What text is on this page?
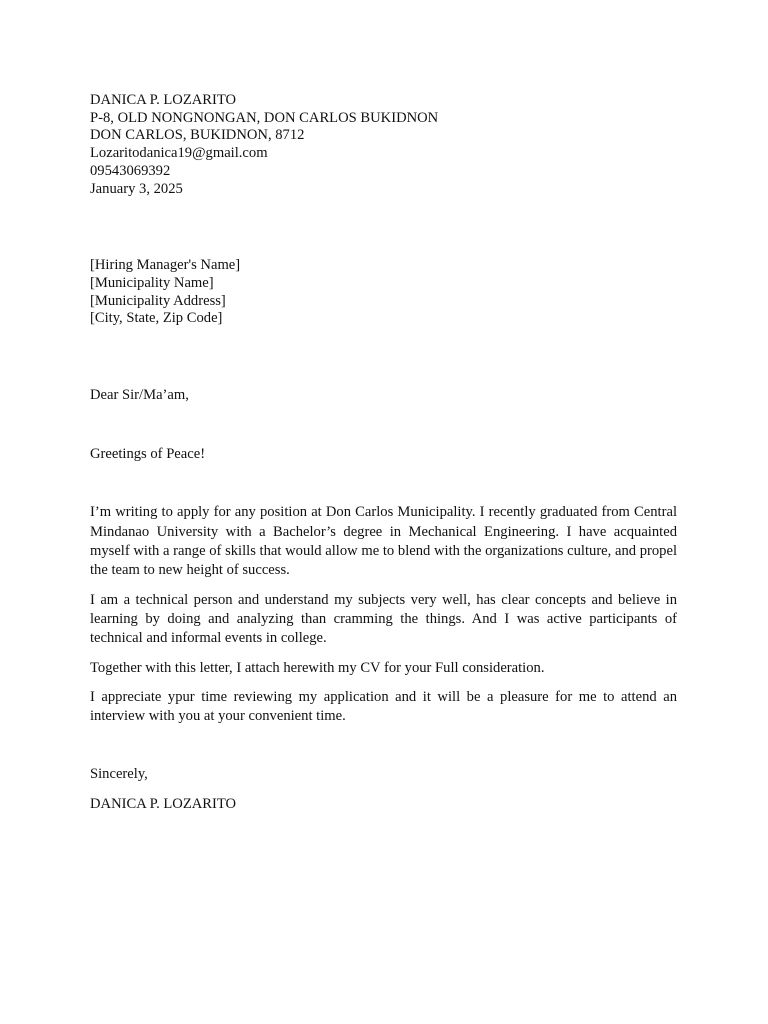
DANICA P. LOZARITO
P-8, OLD NONGNONGAN, DON CARLOS BUKIDNON
DON CARLOS, BUKIDNON, 8712
Lozaritodanica19@gmail.com
09543069392
January 3, 2025
[Hiring Manager's Name]
[Municipality Name]
[Municipality Address]
[City, State, Zip Code]
Dear Sir/Ma’am,
Greetings of Peace!

I’m writing to apply for any position at Don Carlos Municipality. I recently graduated from Central Mindanao University with a Bachelor’s degree in Mechanical Engineering. I have acquainted myself with a range of skills that would allow me to blend with the organizations culture, and propel the team to new height of success.

I am a technical person and understand my subjects very well, has clear concepts and believe in learning by doing and analyzing than cramming the things. And I was active participants of technical and informal events in college.

Together with this letter, I attach herewith my CV for your Full consideration.

I appreciate ypur time reviewing my application and it will be a pleasure for me to attend an interview with you at your convenient time.

Sincerely,
DANICA P. LOZARITO
